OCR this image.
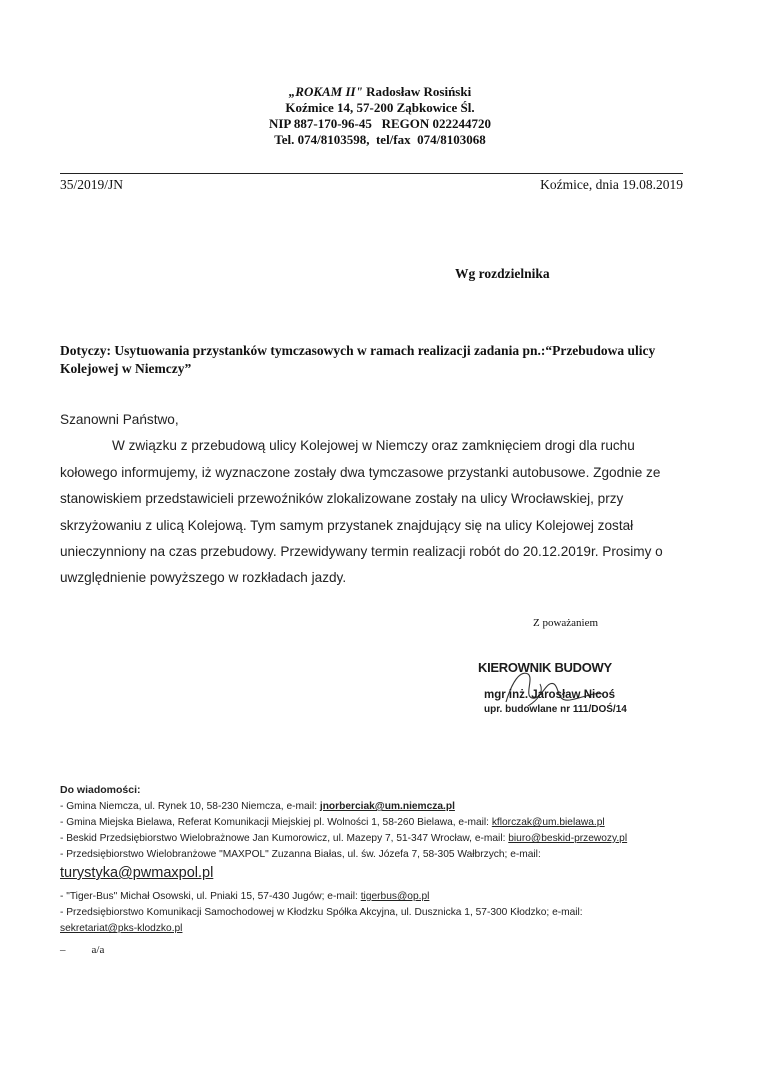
„ROKAM II" Radosław Rosiński
Koźmice 14, 57-200 Ząbkowice Śl.
NIP 887-170-96-45   REGON 022244720
Tel. 074/8103598,  tel/fax  074/8103068
35/2019/JN	Koźmice, dnia 19.08.2019
Wg rozdzielnika
Dotyczy: Usytuowania przystanków tymczasowych w ramach realizacji zadania pn.:“Przebudowa ulicy Kolejowej w Niemczy”

Szanowni Państwo,

W związku z przebudową ulicy Kolejowej w Niemczy oraz zamknięciem drogi dla ruchu kołowego informujemy, iż wyznaczone zostały dwa tymczasowe przystanki autobusowe. Zgodnie ze stanowiskiem przedstawicieli przewoźników zlokalizowane zostały na ulicy Wrocławskiej, przy skrzyżowaniu z ulicą Kolejową. Tym samym przystanek znajdujący się na ulicy Kolejowej został unieczynniony na czas przebudowy. Przewidywany termin realizacji robót do 20.12.2019r. Prosimy o uwzględnienie powyższego w rozkładach jazdy.

Z poważaniem
KIEROWNIK BUDOWY
mgr inż. Jarosław Nicoś
upr. budowlane nr 111/DOŚ/14
Do wiadomości:
- Gmina Niemcza, ul. Rynek 10, 58-230 Niemcza, e-mail: jnorberciak@um.niemcza.pl
- Gmina Miejska Bielawa, Referat Komunikacji Miejskiej pl. Wolności 1, 58-260 Bielawa, e-mail: kflorczak@um.bielawa.pl
- Beskid Przedsiębiorstwo Wielobrażnowe Jan Kumorowicz, ul. Mazepy 7, 51-347 Wrocław, e-mail: biuro@beskid-przewozy.pl
- Przedsiębiorstwo Wielobranżowe "MAXPOL" Zuzanna Białas, ul. św. Józefa 7, 58-305 Wałbrzych; e-mail:
turystyka@pwmaxpol.pl
- "Tiger-Bus" Michał Osowski, ul. Pniaki 15, 57-430 Jugów; e-mail: tigerbus@op.pl
- Przedsiębiorstwo Komunikacji Samochodowej w Kłodzku Spółka Akcyjna, ul. Dusznicka 1, 57-300 Kłodzko; e-mail:
sekretariat@pks-klodzko.pl
– a/a
